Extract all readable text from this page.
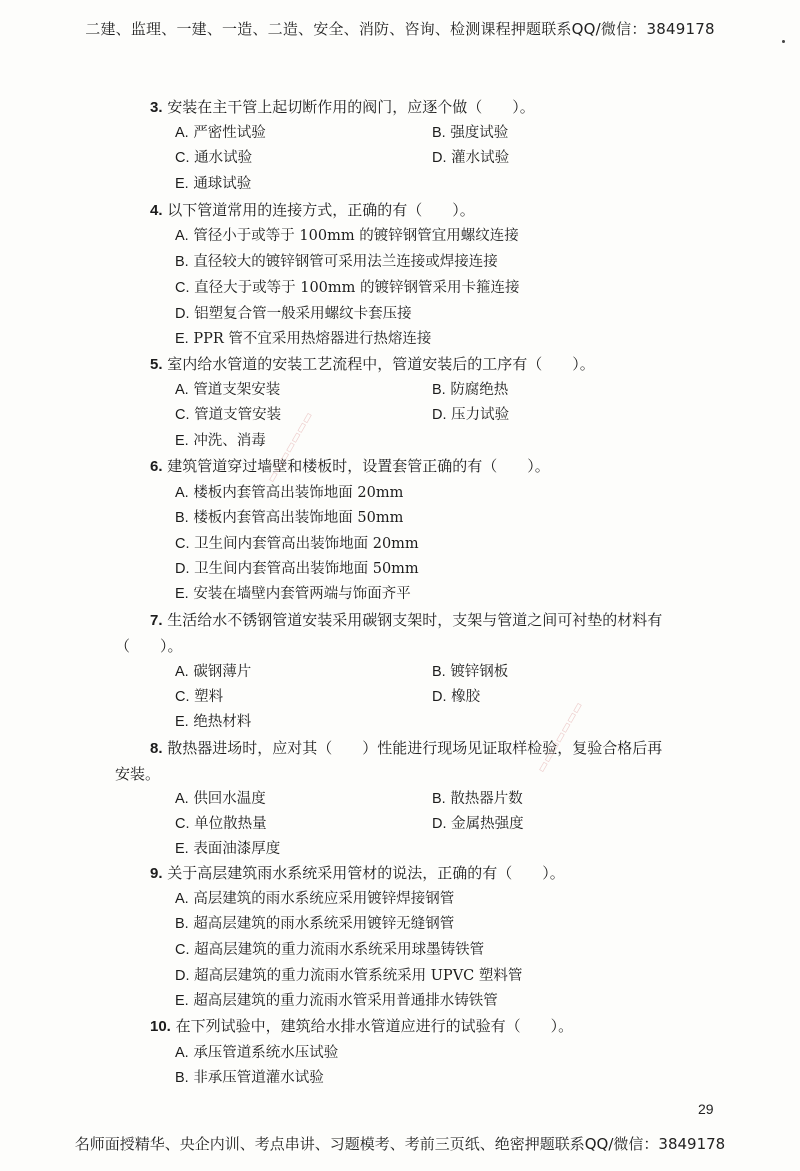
二建、监理、一建、一造、二造、安全、消防、咨询、检测课程押题联系QQ/微信：3849178
3. 安装在主干管上起切断作用的阀门，应逐个做（　　）。
A. 严密性试验	B. 强度试验
C. 通水试验	D. 灌水试验
E. 通球试验
4. 以下管道常用的连接方式，正确的有（　　）。
A. 管径小于或等于 100mm 的镀锌钢管宜用螺纹连接
B. 直径较大的镀锌钢管可采用法兰连接或焊接连接
C. 直径大于或等于 100mm 的镀锌钢管采用卡箍连接
D. 铝塑复合管一般采用螺纹卡套压接
E. PPR 管不宜采用热熔器进行热熔连接
5. 室内给水管道的安装工艺流程中，管道安装后的工序有（　　）。
A. 管道支架安装	B. 防腐绝热
C. 管道支管安装	D. 压力试验
E. 冲洗、消毒
6. 建筑管道穿过墙壁和楼板时，设置套管正确的有（　　）。
A. 楼板内套管高出装饰地面 20mm
B. 楼板内套管高出装饰地面 50mm
C. 卫生间内套管高出装饰地面 20mm
D. 卫生间内套管高出装饰地面 50mm
E. 安装在墙壁内套管两端与饰面齐平
7. 生活给水不锈钢管道安装采用碳钢支架时，支架与管道之间可衬垫的材料有
（　　）。
A. 碳钢薄片	B. 镀锌钢板
C. 塑料	D. 橡胶
E. 绝热材料
8. 散热器进场时，应对其（　　）性能进行现场见证取样检验，复验合格后再
安装。
A. 供回水温度	B. 散热器片数
C. 单位散热量	D. 金属热强度
E. 表面油漆厚度
9. 关于高层建筑雨水系统采用管材的说法，正确的有（　　）。
A. 高层建筑的雨水系统应采用镀锌焊接钢管
B. 超高层建筑的雨水系统采用镀锌无缝钢管
C. 超高层建筑的重力流雨水系统采用球墨铸铁管
D. 超高层建筑的重力流雨水管系统采用 UPVC 塑料管
E. 超高层建筑的重力流雨水管采用普通排水铸铁管
10. 在下列试验中，建筑给水排水管道应进行的试验有（　　）。
A. 承压管道系统水压试验
B. 非承压管道灌水试验
▭▭▭▭▭▭▭
▭▭▭▭▭▭▭
29
名师面授精华、央企内训、考点串讲、习题模考、考前三页纸、绝密押题联系QQ/微信：3849178
